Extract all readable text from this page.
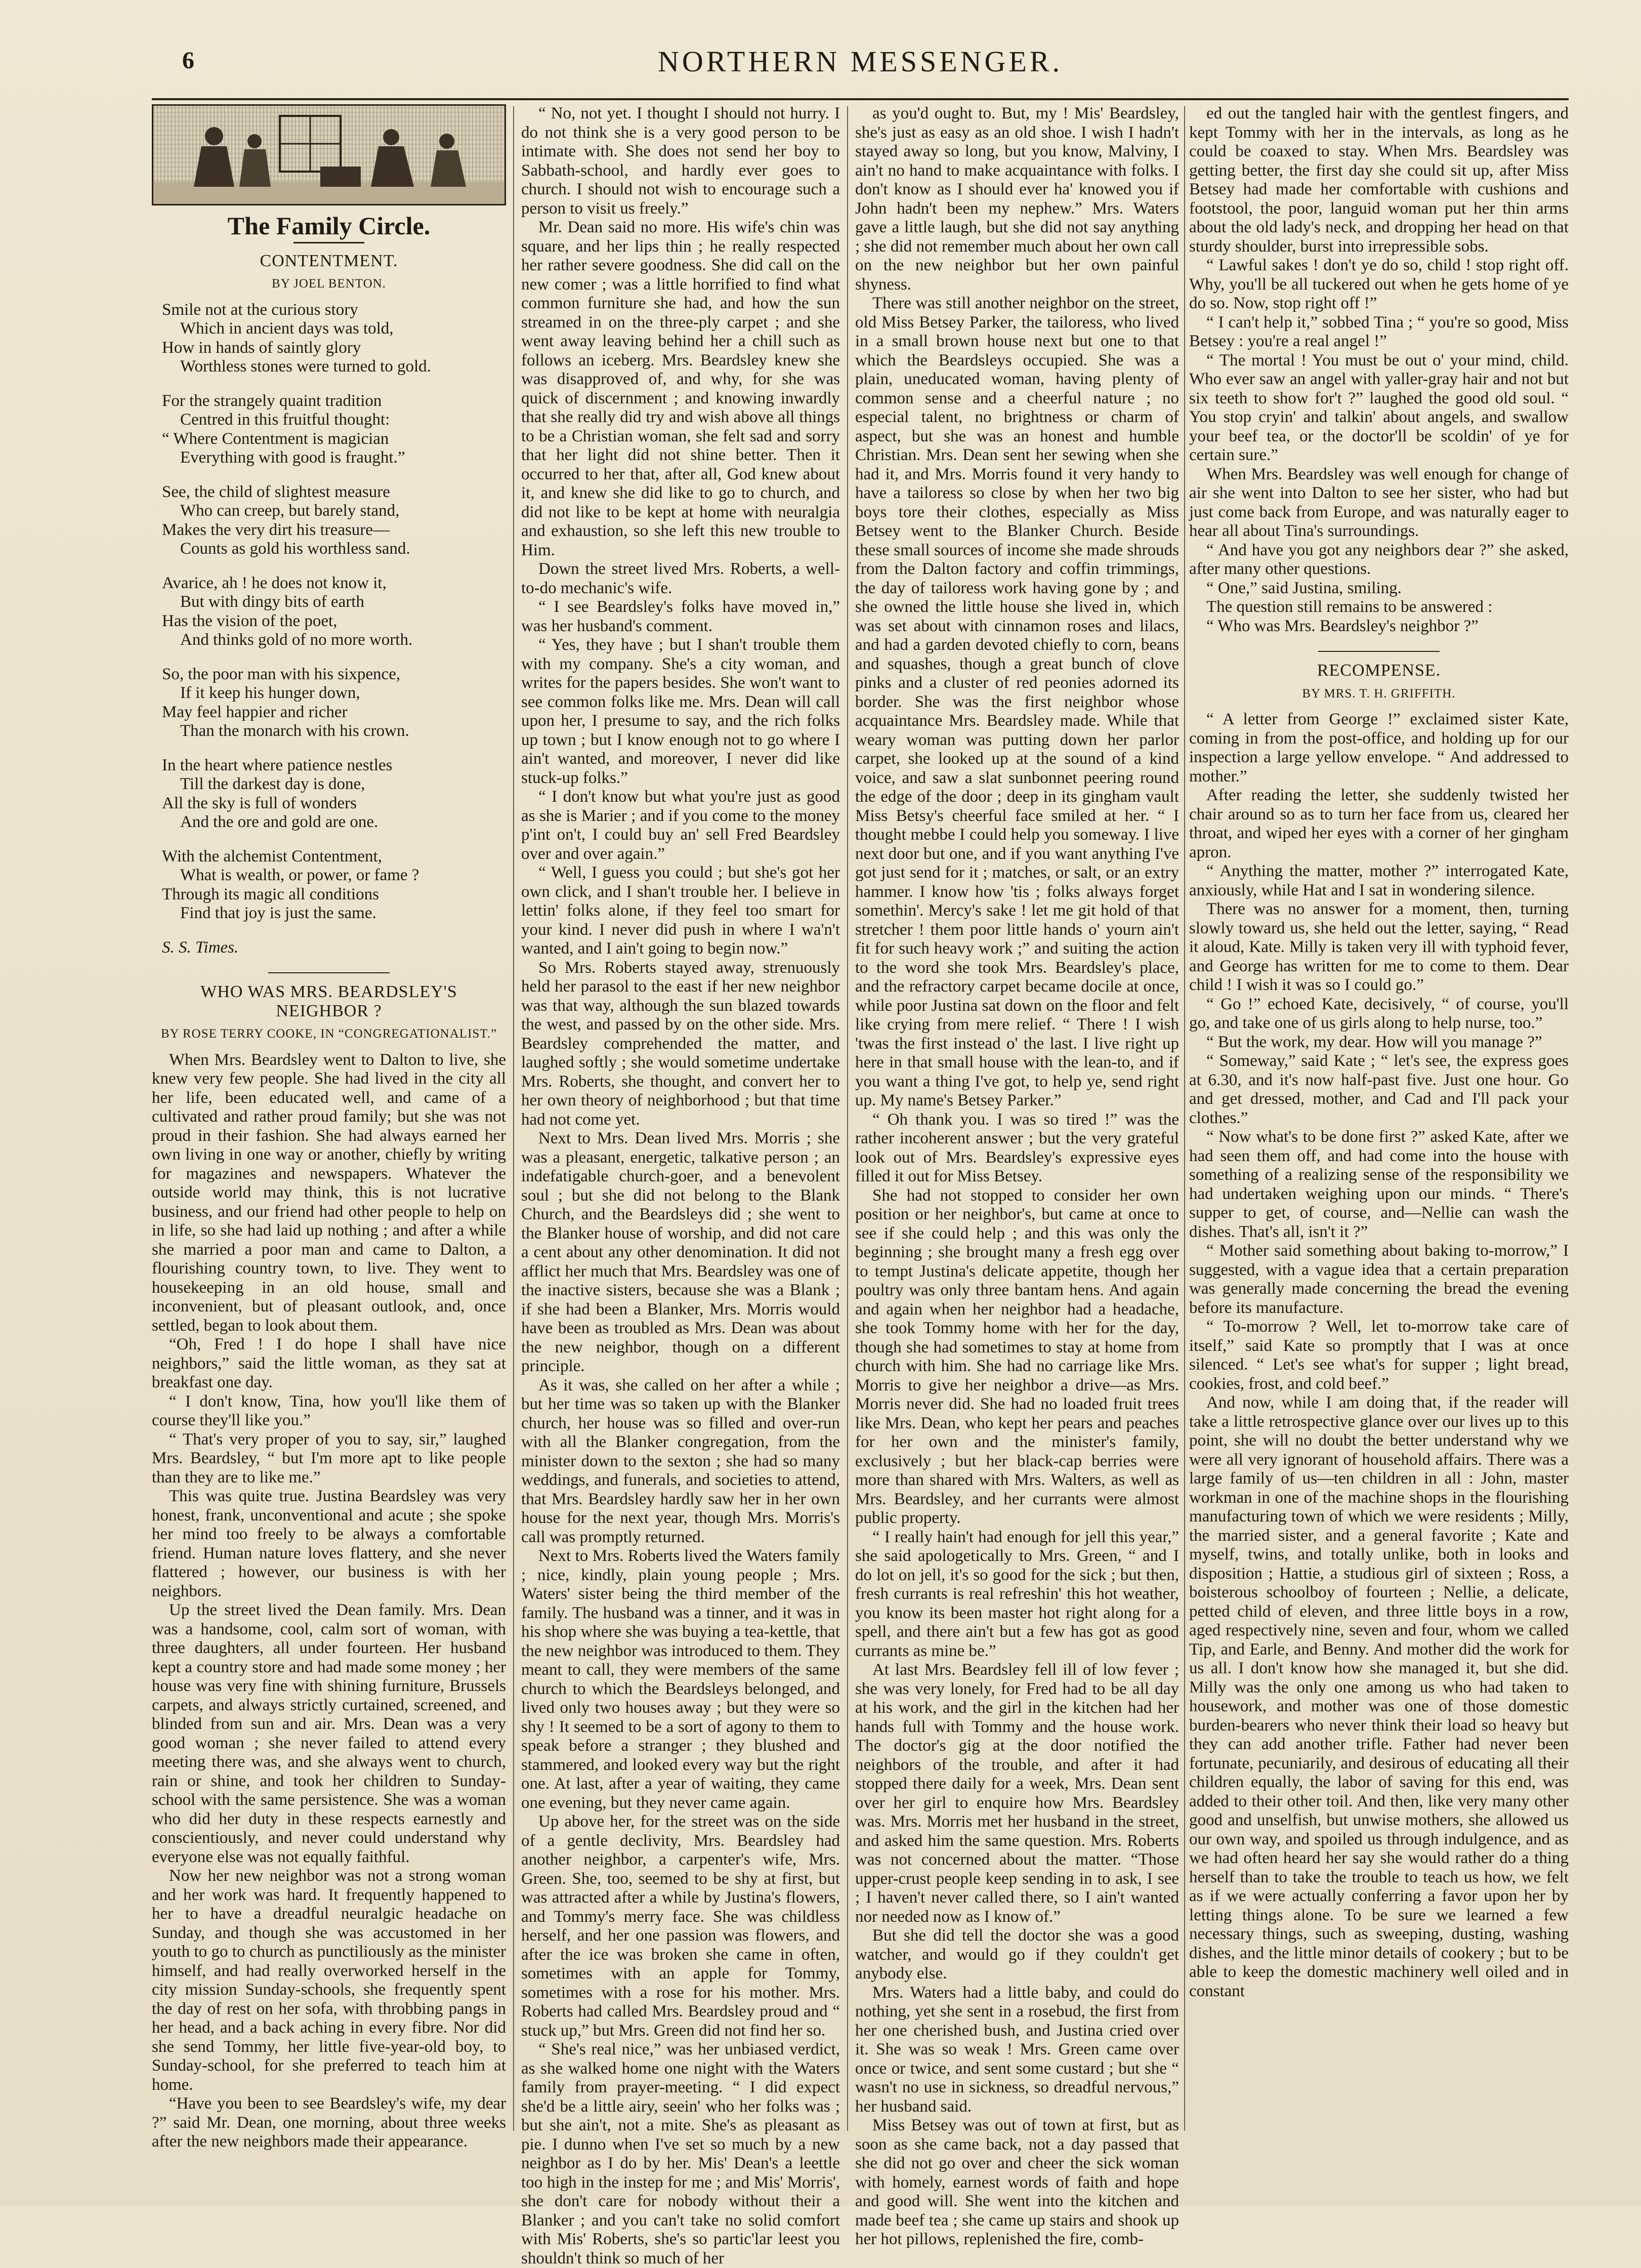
6	NORTHERN MESSENGER.
The Family Circle.
CONTENTMENT.
BY JOEL BENTON.
Smile not at the curious story
Which in ancient days was told,
How in hands of saintly glory
Worthless stones were turned to gold.
For the strangely quaint tradition
Centred in this fruitful thought:
“ Where Contentment is magician
Everything with good is fraught.”
See, the child of slightest measure
Who can creep, but barely stand,
Makes the very dirt his treasure—
Counts as gold his worthless sand.
Avarice, ah ! he does not know it,
But with dingy bits of earth
Has the vision of the poet,
And thinks gold of no more worth.
So, the poor man with his sixpence,
If it keep his hunger down,
May feel happier and richer
Than the monarch with his crown.
In the heart where patience nestles
Till the darkest day is done,
All the sky is full of wonders
And the ore and gold are one.
With the alchemist Contentment,
What is wealth, or power, or fame ?
Through its magic all conditions
Find that joy is just the same.
S. S. Times.
WHO WAS MRS. BEARDSLEY'S
NEIGHBOR ?
BY ROSE TERRY COOKE, IN “CONGREGATIONALIST.”

When Mrs. Beardsley went to Dalton to live, she knew very few people. She had lived in the city all her life, been educated well, and came of a cultivated and rather proud family; but she was not proud in their fashion. She had always earned her own living in one way or another, chiefly by writing for magazines and newspapers. Whatever the outside world may think, this is not lucrative business, and our friend had other people to help on in life, so she had laid up nothing ; and after a while she married a poor man and came to Dalton, a flourishing country town, to live. They went to housekeeping in an old house, small and inconvenient, but of pleasant outlook, and, once settled, began to look about them.

“Oh, Fred ! I do hope I shall have nice neighbors,” said the little woman, as they sat at breakfast one day.

“ I don't know, Tina, how you'll like them of course they'll like you.”

“ That's very proper of you to say, sir,” laughed Mrs. Beardsley, “ but I'm more apt to like people than they are to like me.”

This was quite true. Justina Beardsley was very honest, frank, unconventional and acute ; she spoke her mind too freely to be always a comfortable friend. Human nature loves flattery, and she never flattered ; however, our business is with her neighbors.

Up the street lived the Dean family. Mrs. Dean was a handsome, cool, calm sort of woman, with three daughters, all under fourteen. Her husband kept a country store and had made some money ; her house was very fine with shining furniture, Brussels carpets, and always strictly curtained, screened, and blinded from sun and air. Mrs. Dean was a very good woman ; she never failed to attend every meeting there was, and she always went to church, rain or shine, and took her children to Sunday-school with the same persistence. She was a woman who did her duty in these respects earnestly and conscientiously, and never could understand why everyone else was not equally faithful.

Now her new neighbor was not a strong woman and her work was hard. It frequently happened to her to have a dreadful neuralgic headache on Sunday, and though she was accustomed in her youth to go to church as punctiliously as the minister himself, and had really overworked herself in the city mission Sunday-schools, she frequently spent the day of rest on her sofa, with throbbing pangs in her head, and a back aching in every fibre. Nor did she send Tommy, her little five-year-old boy, to Sunday-school, for she preferred to teach him at home.

“Have you been to see Beardsley's wife, my dear ?” said Mr. Dean, one morning, about three weeks after the new neighbors made their appearance.

“ No, not yet. I thought I should not hurry. I do not think she is a very good person to be intimate with. She does not send her boy to Sabbath-school, and hardly ever goes to church. I should not wish to encourage such a person to visit us freely.”

Mr. Dean said no more. His wife's chin was square, and her lips thin ; he really respected her rather severe goodness. She did call on the new comer ; was a little horrified to find what common furniture she had, and how the sun streamed in on the three-ply carpet ; and she went away leaving behind her a chill such as follows an iceberg. Mrs. Beardsley knew she was disapproved of, and why, for she was quick of discernment ; and knowing inwardly that she really did try and wish above all things to be a Christian woman, she felt sad and sorry that her light did not shine better. Then it occurred to her that, after all, God knew about it, and knew she did like to go to church, and did not like to be kept at home with neuralgia and exhaustion, so she left this new trouble to Him.

Down the street lived Mrs. Roberts, a well-to-do mechanic's wife.

“ I see Beardsley's folks have moved in,” was her husband's comment.

“ Yes, they have ; but I shan't trouble them with my company. She's a city woman, and writes for the papers besides. She won't want to see common folks like me. Mrs. Dean will call upon her, I presume to say, and the rich folks up town ; but I know enough not to go where I ain't wanted, and moreover, I never did like stuck-up folks.”

“ I don't know but what you're just as good as she is Marier ; and if you come to the money p'int on't, I could buy an' sell Fred Beardsley over and over again.”

“ Well, I guess you could ; but she's got her own click, and I shan't trouble her. I believe in lettin' folks alone, if they feel too smart for your kind. I never did push in where I wa'n't wanted, and I ain't going to begin now.”

So Mrs. Roberts stayed away, strenuously held her parasol to the east if her new neighbor was that way, although the sun blazed towards the west, and passed by on the other side. Mrs. Beardsley comprehended the matter, and laughed softly ; she would sometime undertake Mrs. Roberts, she thought, and convert her to her own theory of neighborhood ; but that time had not come yet.

Next to Mrs. Dean lived Mrs. Morris ; she was a pleasant, energetic, talkative person ; an indefatigable church-goer, and a benevolent soul ; but she did not belong to the Blank Church, and the Beardsleys did ; she went to the Blanker house of worship, and did not care a cent about any other denomination. It did not afflict her much that Mrs. Beardsley was one of the inactive sisters, because she was a Blank ; if she had been a Blanker, Mrs. Morris would have been as troubled as Mrs. Dean was about the new neighbor, though on a different principle.

As it was, she called on her after a while ; but her time was so taken up with the Blanker church, her house was so filled and over-run with all the Blanker congregation, from the minister down to the sexton ; she had so many weddings, and funerals, and societies to attend, that Mrs. Beardsley hardly saw her in her own house for the next year, though Mrs. Morris's call was promptly returned.

Next to Mrs. Roberts lived the Waters family ; nice, kindly, plain young people ; Mrs. Waters' sister being the third member of the family. The husband was a tinner, and it was in his shop where she was buying a tea-kettle, that the new neighbor was introduced to them. They meant to call, they were members of the same church to which the Beardsleys belonged, and lived only two houses away ; but they were so shy ! It seemed to be a sort of agony to them to speak before a stranger ; they blushed and stammered, and looked every way but the right one. At last, after a year of waiting, they came one evening, but they never came again.

Up above her, for the street was on the side of a gentle declivity, Mrs. Beardsley had another neighbor, a carpenter's wife, Mrs. Green. She, too, seemed to be shy at first, but was attracted after a while by Justina's flowers, and Tommy's merry face. She was childless herself, and her one passion was flowers, and after the ice was broken she came in often, sometimes with an apple for Tommy, sometimes with a rose for his mother. Mrs. Roberts had called Mrs. Beardsley proud and “ stuck up,” but Mrs. Green did not find her so.

“ She's real nice,” was her unbiased verdict, as she walked home one night with the Waters family from prayer-meeting. “ I did expect she'd be a little airy, seein' who her folks was ; but she ain't, not a mite. She's as pleasant as pie. I dunno when I've set so much by a new neighbor as I do by her. Mis' Dean's a leettle too high in the instep for me ; and Mis' Morris', she don't care for nobody without their a Blanker ; and you can't take no solid comfort with Mis' Roberts, she's so partic'lar leest you shouldn't think so much of her

as you'd ought to. But, my ! Mis' Beardsley, she's just as easy as an old shoe. I wish I hadn't stayed away so long, but you know, Malviny, I ain't no hand to make acquaintance with folks. I don't know as I should ever ha' knowed you if John hadn't been my nephew.” Mrs. Waters gave a little laugh, but she did not say anything ; she did not remember much about her own call on the new neighbor but her own painful shyness.

There was still another neighbor on the street, old Miss Betsey Parker, the tailoress, who lived in a small brown house next but one to that which the Beardsleys occupied. She was a plain, uneducated woman, having plenty of common sense and a cheerful nature ; no especial talent, no brightness or charm of aspect, but she was an honest and humble Christian. Mrs. Dean sent her sewing when she had it, and Mrs. Morris found it very handy to have a tailoress so close by when her two big boys tore their clothes, especially as Miss Betsey went to the Blanker Church. Beside these small sources of income she made shrouds from the Dalton factory and coffin trimmings, the day of tailoress work having gone by ; and she owned the little house she lived in, which was set about with cinnamon roses and lilacs, and had a garden devoted chiefly to corn, beans and squashes, though a great bunch of clove pinks and a cluster of red peonies adorned its border. She was the first neighbor whose acquaintance Mrs. Beardsley made. While that weary woman was putting down her parlor carpet, she looked up at the sound of a kind voice, and saw a slat sunbonnet peering round the edge of the door ; deep in its gingham vault Miss Betsy's cheerful face smiled at her. “ I thought mebbe I could help you someway. I live next door but one, and if you want anything I've got just send for it ; matches, or salt, or an extry hammer. I know how 'tis ; folks always forget somethin'. Mercy's sake ! let me git hold of that stretcher ! them poor little hands o' yourn ain't fit for such heavy work ;” and suiting the action to the word she took Mrs. Beardsley's place, and the refractory carpet became docile at once, while poor Justina sat down on the floor and felt like crying from mere relief. “ There ! I wish 'twas the first instead o' the last. I live right up here in that small house with the lean-to, and if you want a thing I've got, to help ye, send right up. My name's Betsey Parker.”

“ Oh thank you. I was so tired !” was the rather incoherent answer ; but the very grateful look out of Mrs. Beardsley's expressive eyes filled it out for Miss Betsey.

She had not stopped to consider her own position or her neighbor's, but came at once to see if she could help ; and this was only the beginning ; she brought many a fresh egg over to tempt Justina's delicate appetite, though her poultry was only three bantam hens. And again and again when her neighbor had a headache, she took Tommy home with her for the day, though she had sometimes to stay at home from church with him. She had no carriage like Mrs. Morris to give her neighbor a drive—as Mrs. Morris never did. She had no loaded fruit trees like Mrs. Dean, who kept her pears and peaches for her own and the minister's family, exclusively ; but her black-cap berries were more than shared with Mrs. Walters, as well as Mrs. Beardsley, and her currants were almost public property.

“ I really hain't had enough for jell this year,” she said apologetically to Mrs. Green, “ and I do lot on jell, it's so good for the sick ; but then, fresh currants is real refreshin' this hot weather, you know its been master hot right along for a spell, and there ain't but a few has got as good currants as mine be.”

At last Mrs. Beardsley fell ill of low fever ; she was very lonely, for Fred had to be all day at his work, and the girl in the kitchen had her hands full with Tommy and the house work. The doctor's gig at the door notified the neighbors of the trouble, and after it had stopped there daily for a week, Mrs. Dean sent over her girl to enquire how Mrs. Beardsley was. Mrs. Morris met her husband in the street, and asked him the same question. Mrs. Roberts was not concerned about the matter. “Those upper-crust people keep sending in to ask, I see ; I haven't never called there, so I ain't wanted nor needed now as I know of.”

But she did tell the doctor she was a good watcher, and would go if they couldn't get anybody else.

Mrs. Waters had a little baby, and could do nothing, yet she sent in a rosebud, the first from her one cherished bush, and Justina cried over it. She was so weak ! Mrs. Green came over once or twice, and sent some custard ; but she “ wasn't no use in sickness, so dreadful nervous,” her husband said.

Miss Betsey was out of town at first, but as soon as she came back, not a day passed that she did not go over and cheer the sick woman with homely, earnest words of faith and hope and good will. She went into the kitchen and made beef tea ; she came up stairs and shook up her hot pillows, replenished the fire, comb-

ed out the tangled hair with the gentlest fingers, and kept Tommy with her in the intervals, as long as he could be coaxed to stay. When Mrs. Beardsley was getting better, the first day she could sit up, after Miss Betsey had made her comfortable with cushions and footstool, the poor, languid woman put her thin arms about the old lady's neck, and dropping her head on that sturdy shoulder, burst into irrepressible sobs.

“ Lawful sakes ! don't ye do so, child ! stop right off. Why, you'll be all tuckered out when he gets home of ye do so. Now, stop right off !”

“ I can't help it,” sobbed Tina ; “ you're so good, Miss Betsey : you're a real angel !”

“ The mortal ! You must be out o' your mind, child. Who ever saw an angel with yaller-gray hair and not but six teeth to show for't ?” laughed the good old soul. “ You stop cryin' and talkin' about angels, and swallow your beef tea, or the doctor'll be scoldin' of ye for certain sure.”

When Mrs. Beardsley was well enough for change of air she went into Dalton to see her sister, who had but just come back from Europe, and was naturally eager to hear all about Tina's surroundings.

“ And have you got any neighbors dear ?” she asked, after many other questions.

“ One,” said Justina, smiling.

The question still remains to be answered :

“ Who was Mrs. Beardsley's neighbor ?”

RECOMPENSE.
BY MRS. T. H. GRIFFITH.

“ A letter from George !” exclaimed sister Kate, coming in from the post-office, and holding up for our inspection a large yellow envelope. “ And addressed to mother.”

After reading the letter, she suddenly twisted her chair around so as to turn her face from us, cleared her throat, and wiped her eyes with a corner of her gingham apron.

“ Anything the matter, mother ?” interrogated Kate, anxiously, while Hat and I sat in wondering silence.

There was no answer for a moment, then, turning slowly toward us, she held out the letter, saying, “ Read it aloud, Kate. Milly is taken very ill with typhoid fever, and George has written for me to come to them. Dear child ! I wish it was so I could go.”

“ Go !” echoed Kate, decisively, “ of course, you'll go, and take one of us girls along to help nurse, too.”

“ But the work, my dear. How will you manage ?”

“ Someway,” said Kate ; “ let's see, the express goes at 6.30, and it's now half-past five. Just one hour. Go and get dressed, mother, and Cad and I'll pack your clothes.”

“ Now what's to be done first ?” asked Kate, after we had seen them off, and had come into the house with something of a realizing sense of the responsibility we had undertaken weighing upon our minds. “ There's supper to get, of course, and—Nellie can wash the dishes. That's all, isn't it ?”

“ Mother said something about baking to-morrow,” I suggested, with a vague idea that a certain preparation was generally made concerning the bread the evening before its manufacture.

“ To-morrow ? Well, let to-morrow take care of itself,” said Kate so promptly that I was at once silenced. “ Let's see what's for supper ; light bread, cookies, frost, and cold beef.”

And now, while I am doing that, if the reader will take a little retrospective glance over our lives up to this point, she will no doubt the better understand why we were all very ignorant of household affairs. There was a large family of us—ten children in all : John, master workman in one of the machine shops in the flourishing manufacturing town of which we were residents ; Milly, the married sister, and a general favorite ; Kate and myself, twins, and totally unlike, both in looks and disposition ; Hattie, a studious girl of sixteen ; Ross, a boisterous schoolboy of fourteen ; Nellie, a delicate, petted child of eleven, and three little boys in a row, aged respectively nine, seven and four, whom we called Tip, and Earle, and Benny. And mother did the work for us all. I don't know how she managed it, but she did. Milly was the only one among us who had taken to housework, and mother was one of those domestic burden-bearers who never think their load so heavy but they can add another trifle. Father had never been fortunate, pecuniarily, and desirous of educating all their children equally, the labor of saving for this end, was added to their other toil. And then, like very many other good and unselfish, but unwise mothers, she allowed us our own way, and spoiled us through indulgence, and as we had often heard her say she would rather do a thing herself than to take the trouble to teach us how, we felt as if we were actually conferring a favor upon her by letting things alone. To be sure we learned a few necessary things, such as sweeping, dusting, washing dishes, and the little minor details of cookery ; but to be able to keep the domestic machinery well oiled and in constant
